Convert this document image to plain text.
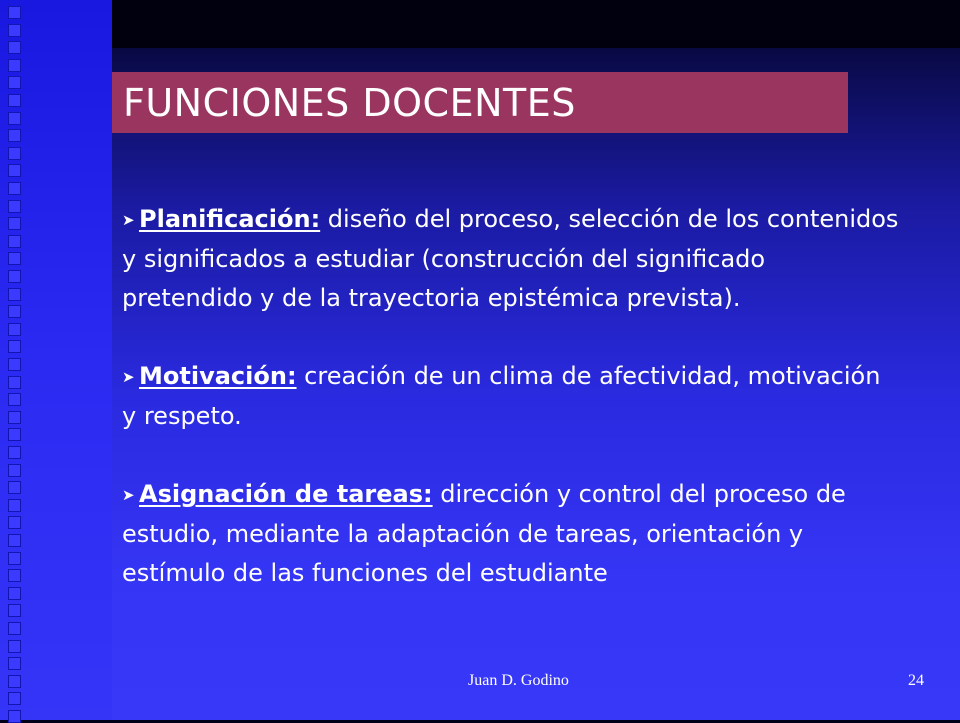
FUNCIONES DOCENTES
➤ Planificación: diseño del proceso, selección de los contenidos y significados a estudiar (construcción del significado pretendido y de la trayectoria epistémica prevista).
➤ Motivación: creación de un clima de afectividad, motivación y respeto.
➤ Asignación de tareas: dirección y control del proceso de estudio, mediante la adaptación de tareas, orientación y estímulo de las funciones del estudiante
Juan D. Godino	24
